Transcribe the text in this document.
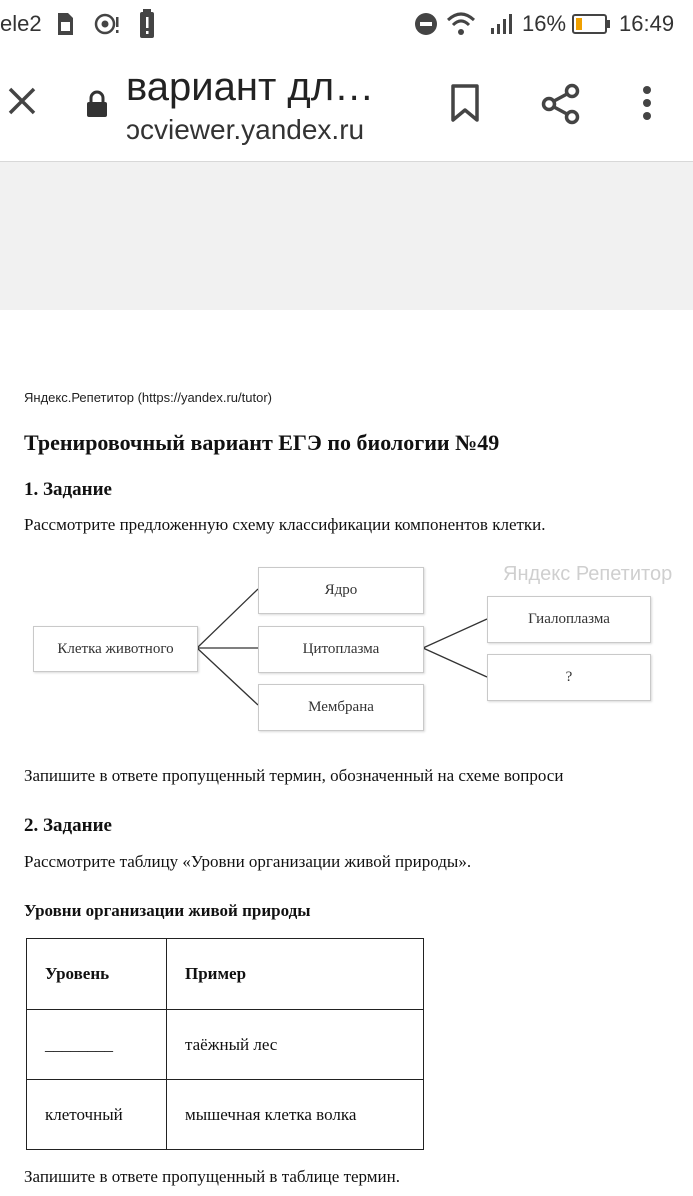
ele2	16% 16:49
вариант дл…
ɔcviewer.yandex.ru
Яндекс.Репетитор (https://yandex.ru/tutor)
Тренировочный вариант ЕГЭ по биологии №49
1. Задание
Рассмотрите предложенную схему классификации компонентов клетки.
Яндекс Репетитор
Клетка животного
Ядро
Цитоплазма
Мембрана
Гиалоплазма
?
Запишите в ответе пропущенный термин, обозначенный на схеме вопроси
2. Задание
Рассмотрите таблицу «Уровни организации живой природы».
Уровни организации живой природы
Уровень	Пример
________	таёжный лес
клеточный	мышечная клетка волка
Запишите в ответе пропущенный в таблице термин.
